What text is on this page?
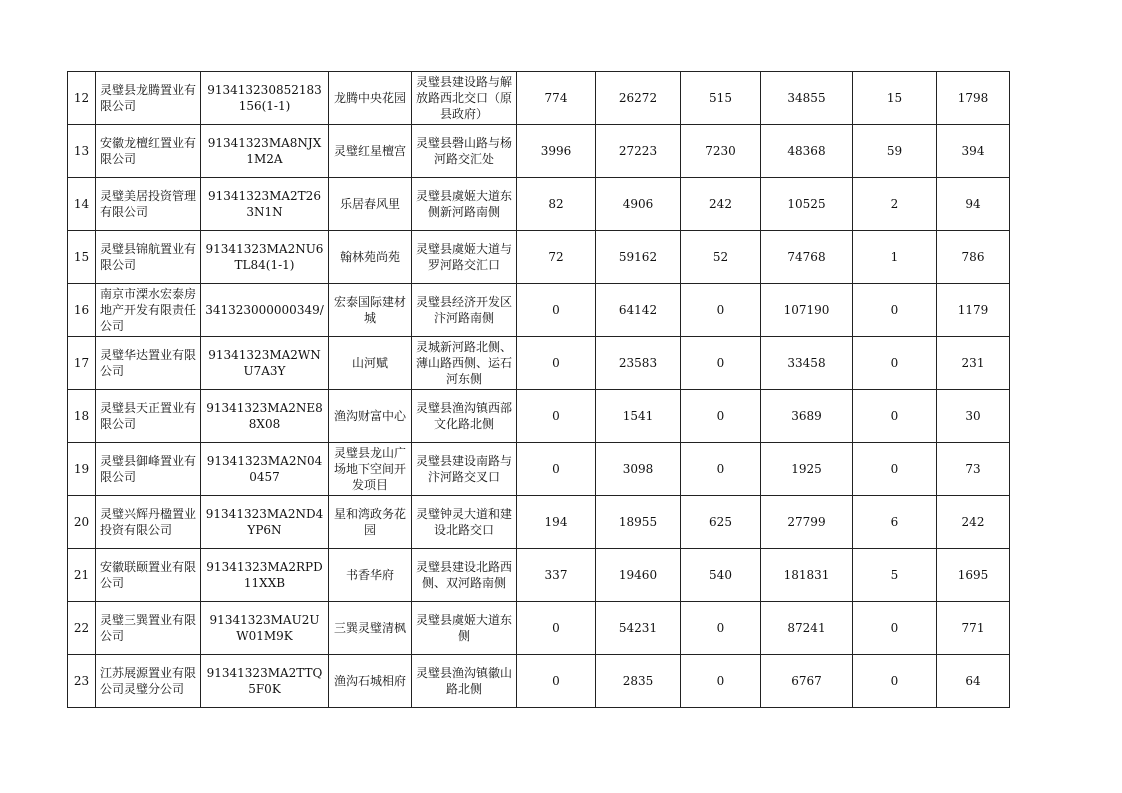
12	灵璧县龙腾置业有限公司	913413230852183156(1-1)	龙腾中央花园	灵璧县建设路与解放路西北交口（原县政府）	774	26272	515	34855	15	1798
13	安徽龙檀红置业有限公司	91341323MA8NJX1M2A	灵璧红星檀宫	灵璧县磬山路与杨河路交汇处	3996	27223	7230	48368	59	394
14	灵璧美居投资管理有限公司	91341323MA2T263N1N	乐居春风里	灵璧县虞姬大道东侧新河路南侧	82	4906	242	10525	2	94
15	灵璧县锦航置业有限公司	91341323MA2NU6TL84(1-1)	翰林苑尚苑	灵璧县虞姬大道与罗河路交汇口	72	59162	52	74768	1	786
16	南京市溧水宏泰房地产开发有限责任公司	341323000000349/	宏泰国际建材城	灵璧县经济开发区汴河路南侧	0	64142	0	107190	0	1179
17	灵璧华达置业有限公司	91341323MA2WNU7A3Y	山河赋	灵城新河路北侧、薄山路西侧、运石河东侧	0	23583	0	33458	0	231
18	灵璧县天正置业有限公司	91341323MA2NE88X08	渔沟财富中心	灵璧县渔沟镇西部文化路北侧	0	1541	0	3689	0	30
19	灵璧县御峰置业有限公司	91341323MA2N040457	灵璧县龙山广场地下空间开发项目	灵璧县建设南路与汴河路交叉口	0	3098	0	1925	0	73
20	灵璧兴辉丹楹置业投资有限公司	91341323MA2ND4YP6N	星和湾政务花园	灵璧钟灵大道和建设北路交口	194	18955	625	27799	6	242
21	安徽联颐置业有限公司	91341323MA2RPD11XXB	书香华府	灵璧县建设北路西侧、双河路南侧	337	19460	540	181831	5	1695
22	灵璧三巽置业有限公司	91341323MAU2UW01M9K	三巽灵璧清枫	灵璧县虞姬大道东侧	0	54231	0	87241	0	771
23	江苏展源置业有限公司灵璧分公司	91341323MA2TTQ5F0K	渔沟石城相府	灵璧县渔沟镇徽山路北侧	0	2835	0	6767	0	64
